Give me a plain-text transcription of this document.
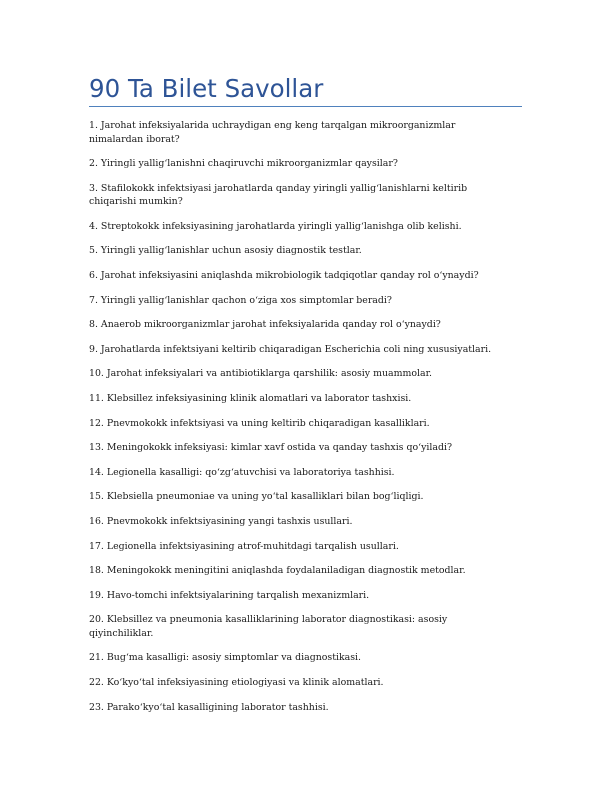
90 Ta Bilet Savollar
1. Jarohat infeksiyalarida uchraydigan eng keng tarqalgan mikroorganizmlar nimalardan iborat?
2. Yiringli yallig‘lanishni chaqiruvchi mikroorganizmlar qaysilar?
3. Stafilokokk infektsiyasi jarohatlarda qanday yiringli yallig‘lanishlarni keltirib chiqarishi mumkin?
4. Streptokokk infeksiyasining jarohatlarda yiringli yallig‘lanishga olib kelishi.
5. Yiringli yallig‘lanishlar uchun asosiy diagnostik testlar.
6. Jarohat infeksiyasini aniqlashda mikrobiologik tadqiqotlar qanday rol o‘ynaydi?
7. Yiringli yallig‘lanishlar qachon o‘ziga xos simptomlar beradi?
8. Anaerob mikroorganizmlar jarohat infeksiyalarida qanday rol o‘ynaydi?
9. Jarohatlarda infektsiyani keltirib chiqaradigan Escherichia coli ning xususiyatlari.
10. Jarohat infeksiyalari va antibiotiklarga qarshilik: asosiy muammolar.
11. Klebsillez infeksiyasining klinik alomatlari va laborator tashxisi.
12. Pnevmokokk infektsiyasi va uning keltirib chiqaradigan kasalliklari.
13. Meningokokk infeksiyasi: kimlar xavf ostida va qanday tashxis qo‘yiladi?
14. Legionella kasalligi: qo‘zg‘atuvchisi va laboratoriya tashhisi.
15. Klebsiella pneumoniae va uning yo‘tal kasalliklari bilan bog‘liqligi.
16. Pnevmokokk infektsiyasining yangi tashxis usullari.
17. Legionella infektsiyasining atrof-muhitdagi tarqalish usullari.
18. Meningokokk meningitini aniqlashda foydalaniladigan diagnostik metodlar.
19. Havo-tomchi infektsiyalarining tarqalish mexanizmlari.
20. Klebsillez va pneumonia kasalliklarining laborator diagnostikasi: asosiy qiyinchiliklar.
21. Bug‘ma kasalligi: asosiy simptomlar va diagnostikasi.
22. Ko‘kyo‘tal infeksiyasining etiologiyasi va klinik alomatlari.
23. Parako‘kyo‘tal kasalligining laborator tashhisi.
